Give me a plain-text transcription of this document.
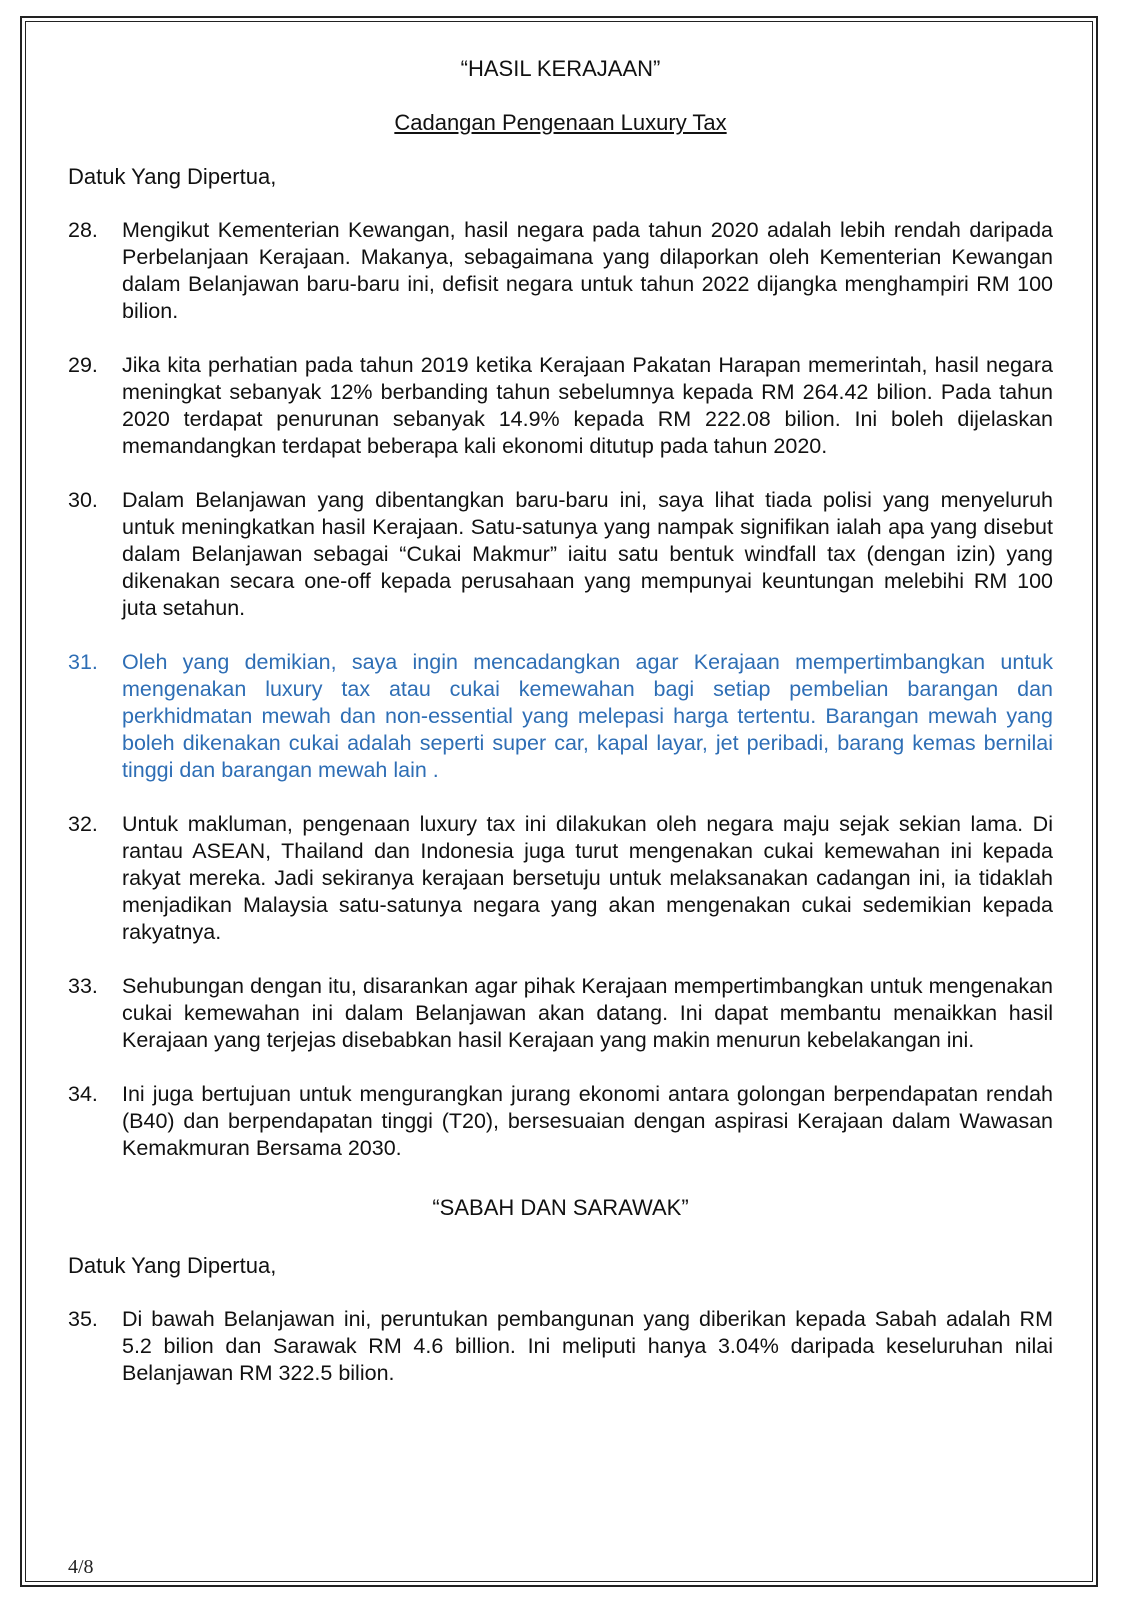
“HASIL KERAJAAN”

Cadangan Pengenaan Luxury Tax

Datuk Yang Dipertua,

28.	Mengikut Kementerian Kewangan, hasil negara pada tahun 2020 adalah lebih rendah daripada Perbelanjaan Kerajaan. Makanya, sebagaimana yang dilaporkan oleh Kementerian Kewangan dalam Belanjawan baru-baru ini, defisit negara untuk tahun 2022 dijangka menghampiri RM 100 bilion.
29.	Jika kita perhatian pada tahun 2019 ketika Kerajaan Pakatan Harapan memerintah, hasil negara meningkat sebanyak 12% berbanding tahun sebelumnya kepada RM 264.42 bilion. Pada tahun 2020 terdapat penurunan sebanyak 14.9% kepada RM 222.08 bilion. Ini boleh dijelaskan memandangkan terdapat beberapa kali ekonomi ditutup pada tahun 2020.
30.	Dalam Belanjawan yang dibentangkan baru-baru ini, saya lihat tiada polisi yang menyeluruh untuk meningkatkan hasil Kerajaan. Satu-satunya yang nampak signifikan ialah apa yang disebut dalam Belanjawan sebagai “Cukai Makmur” iaitu satu bentuk windfall tax (dengan izin) yang dikenakan secara one-off kepada perusahaan yang mempunyai keuntungan melebihi RM 100 juta setahun.
31.	Oleh yang demikian, saya ingin mencadangkan agar Kerajaan mempertimbangkan untuk mengenakan luxury tax atau cukai kemewahan bagi setiap pembelian barangan dan perkhidmatan mewah dan non-essential yang melepasi harga tertentu. Barangan mewah yang boleh dikenakan cukai adalah seperti super car, kapal layar, jet peribadi, barang kemas bernilai tinggi dan barangan mewah lain .
32.	Untuk makluman, pengenaan luxury tax ini dilakukan oleh negara maju sejak sekian lama. Di rantau ASEAN, Thailand dan Indonesia juga turut mengenakan cukai kemewahan ini kepada rakyat mereka. Jadi sekiranya kerajaan bersetuju untuk melaksanakan cadangan ini, ia tidaklah menjadikan Malaysia satu-satunya negara yang akan mengenakan cukai sedemikian kepada rakyatnya.
33.	Sehubungan dengan itu, disarankan agar pihak Kerajaan mempertimbangkan untuk mengenakan cukai kemewahan ini dalam Belanjawan akan datang. Ini dapat membantu menaikkan hasil Kerajaan yang terjejas disebabkan hasil Kerajaan yang makin menurun kebelakangan ini.
34.	Ini juga bertujuan untuk mengurangkan jurang ekonomi antara golongan berpendapatan rendah (B40) dan berpendapatan tinggi (T20), bersesuaian dengan aspirasi Kerajaan dalam Wawasan Kemakmuran Bersama 2030.

“SABAH DAN SARAWAK”

Datuk Yang Dipertua,

35.	Di bawah Belanjawan ini, peruntukan pembangunan yang diberikan kepada Sabah adalah RM 5.2 bilion dan Sarawak RM 4.6 billion. Ini meliputi hanya 3.04% daripada keseluruhan nilai Belanjawan RM 322.5 bilion.
4/8
